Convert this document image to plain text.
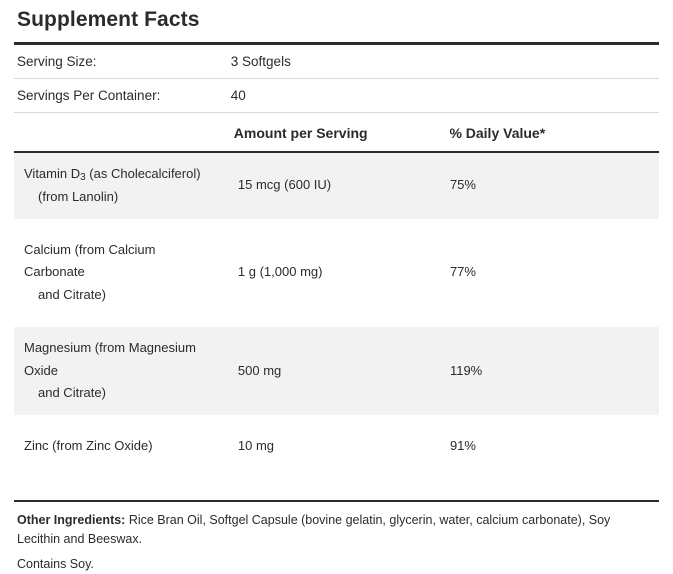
Supplement Facts
Serving Size:	3 Softgels	

Servings Per Container:	40	

	Amount per Serving	% Daily Value*
Vitamin $D_3$ (as Cholecalciferol)
(from Lanolin)	15 mcg (600 IU)	75%

Calcium (from Calcium
Carbonate
and Citrate)	1 g (1,000 mg)	77%

Magnesium (from Magnesium
Oxide
and Citrate)	500 mg	119%

Zinc (from Zinc Oxide)	10 mg	91%

Other Ingredients: Rice Bran Oil, Softgel Capsule (bovine gelatin, glycerin, water, calcium carbonate), Soy Lecithin and Beeswax.

Contains Soy.
